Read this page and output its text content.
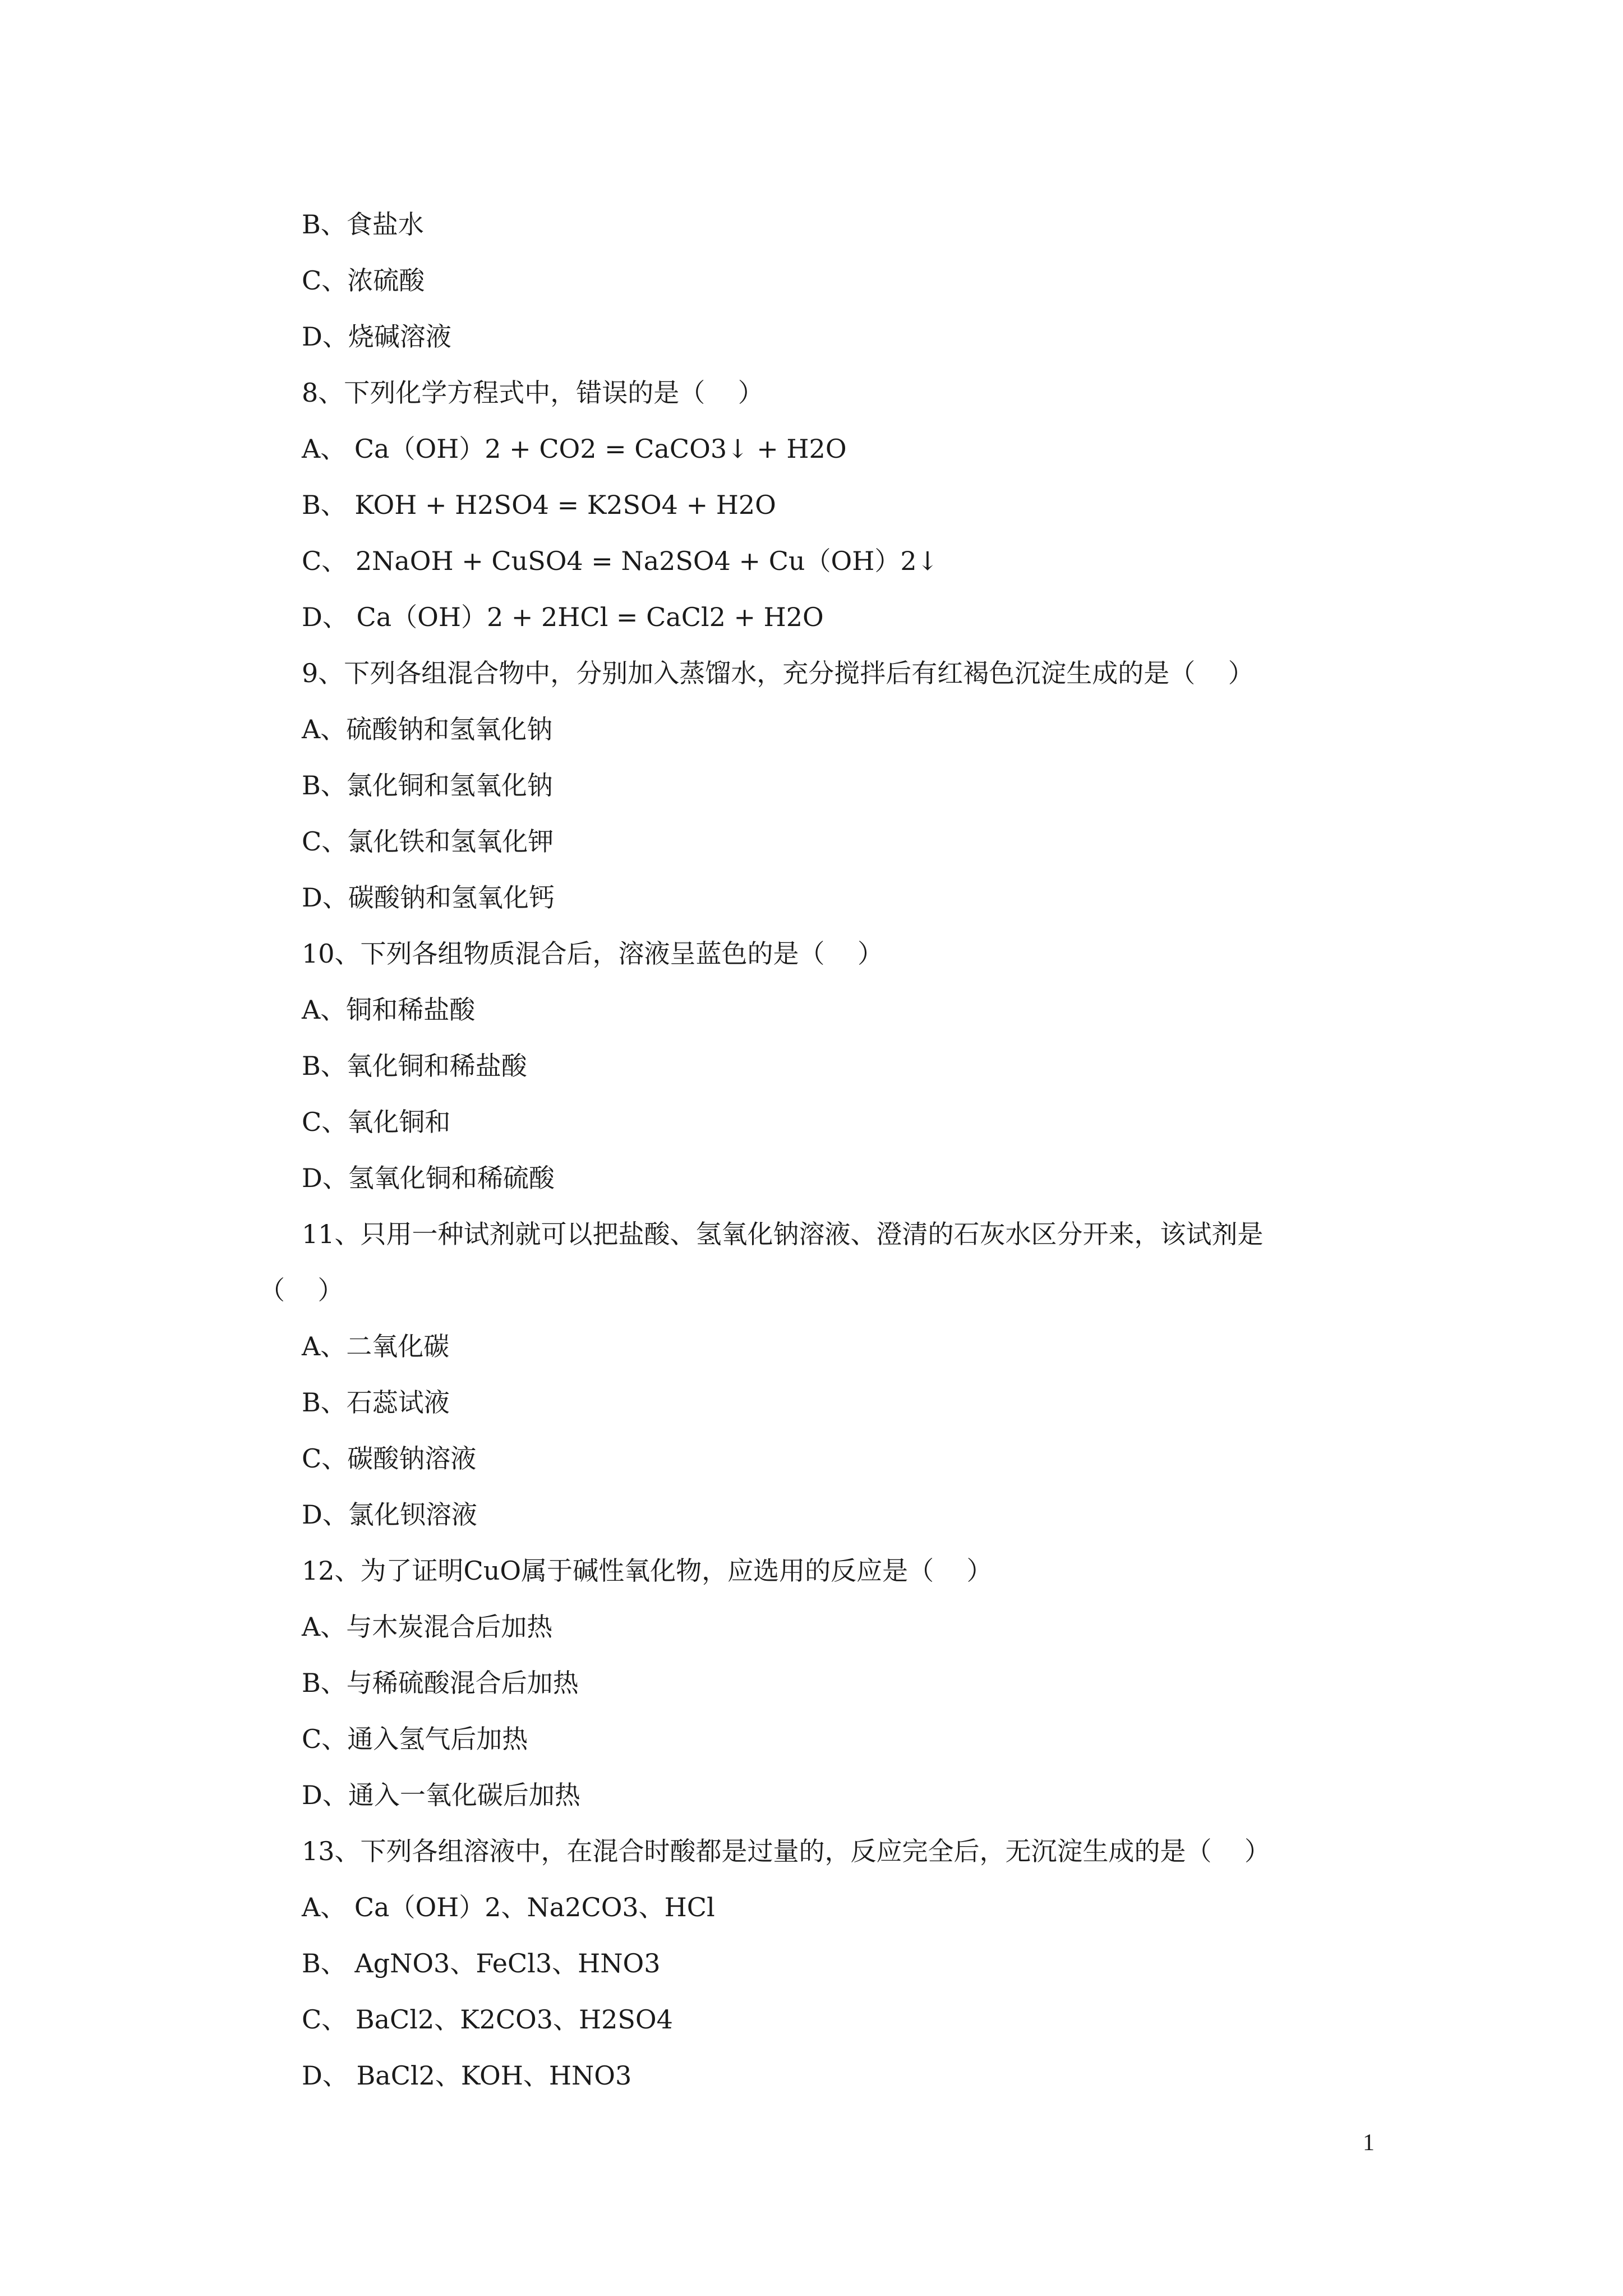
B、食盐水
C、浓硫酸
D、烧碱溶液
8、下列化学方程式中，错误的是（    ）
A、 Ca（OH）2 + CO2 = CaCO3↓ + H2O
B、 KOH + H2SO4 = K2SO4 + H2O
C、 2NaOH + CuSO4 = Na2SO4 + Cu（OH）2↓
D、 Ca（OH）2 + 2HCl = CaCl2 + H2O
9、下列各组混合物中，分别加入蒸馏水，充分搅拌后有红褐色沉淀生成的是（    ）
A、硫酸钠和氢氧化钠
B、氯化铜和氢氧化钠
C、氯化铁和氢氧化钾
D、碳酸钠和氢氧化钙
10、下列各组物质混合后，溶液呈蓝色的是（    ）
A、铜和稀盐酸
B、氧化铜和稀盐酸
C、氧化铜和
D、氢氧化铜和稀硫酸
11、只用一种试剂就可以把盐酸、氢氧化钠溶液、澄清的石灰水区分开来，该试剂是
（    ）
A、二氧化碳
B、石蕊试液
C、碳酸钠溶液
D、氯化钡溶液
12、为了证明CuO属于碱性氧化物，应选用的反应是（    ）
A、与木炭混合后加热
B、与稀硫酸混合后加热
C、通入氢气后加热
D、通入一氧化碳后加热
13、下列各组溶液中，在混合时酸都是过量的，反应完全后，无沉淀生成的是（    ）
A、 Ca（OH）2、Na2CO3、HCl
B、 AgNO3、FeCl3、HNO3
C、 BaCl2、K2CO3、H2SO4
D、 BaCl2、KOH、HNO3
1
